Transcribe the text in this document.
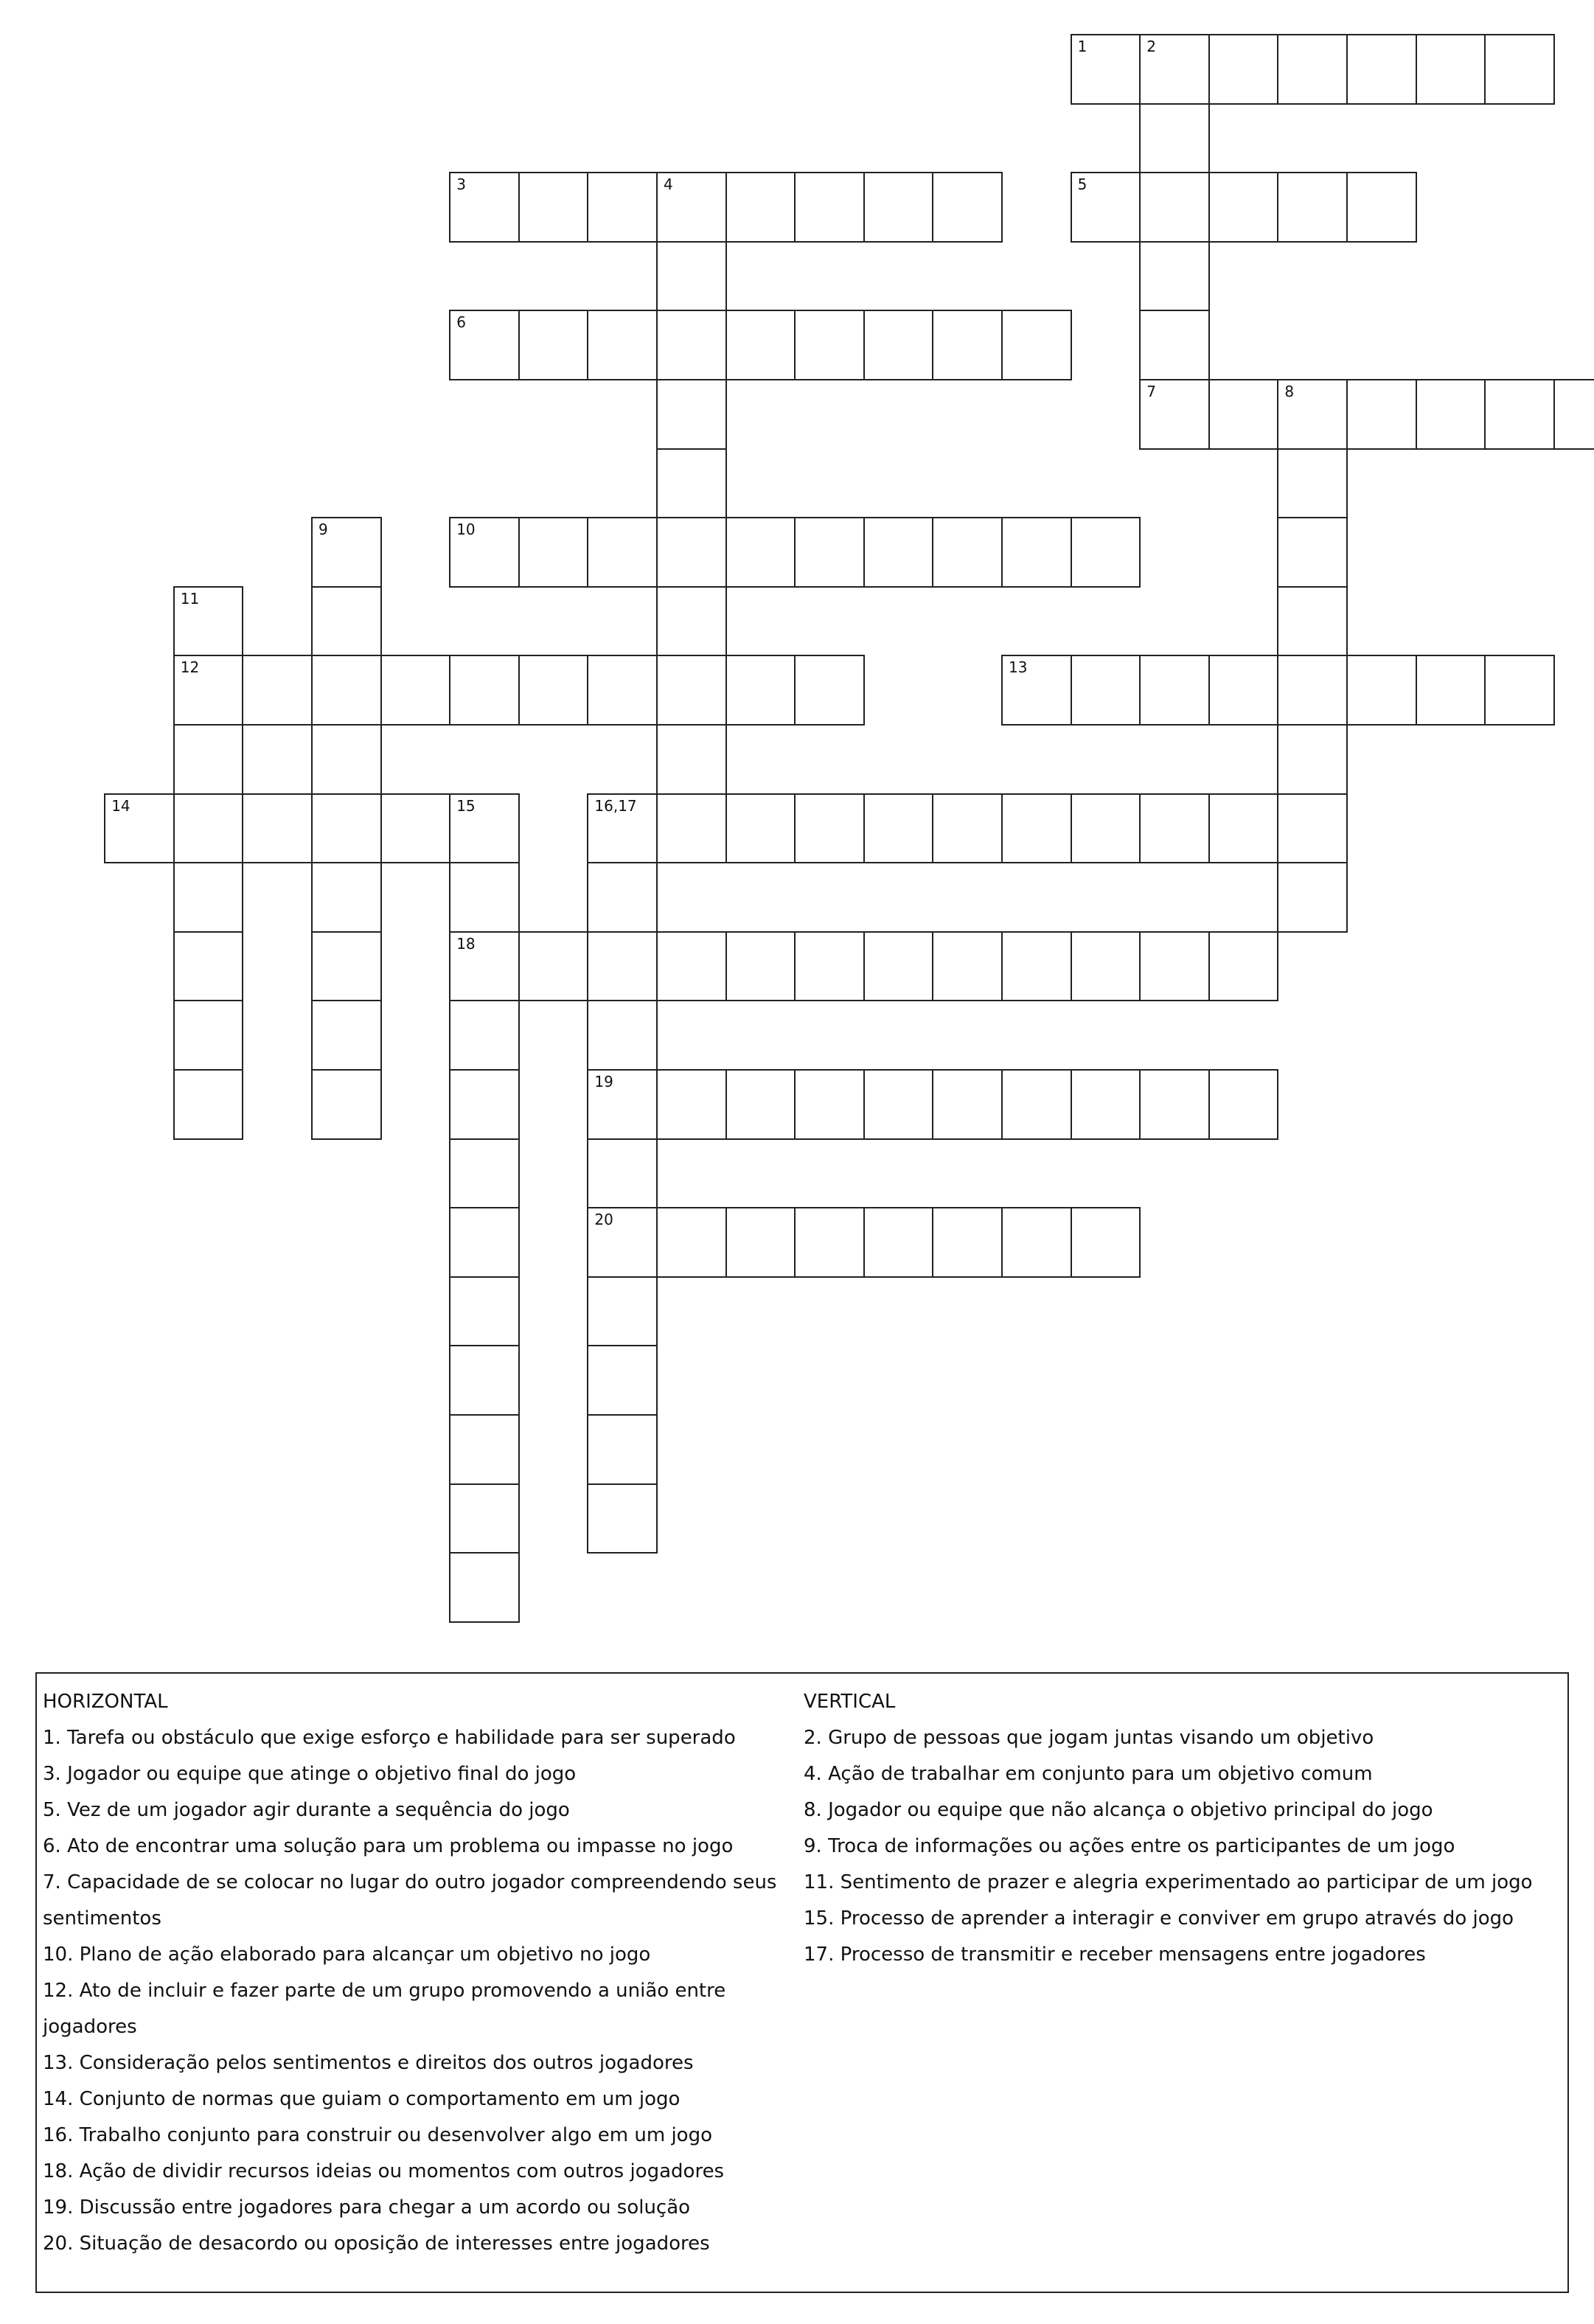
1	2
3	4	5
6
7	8
9	10
11
12	13
14	15	16,17
18
19
20

HORIZONTAL

1. Tarefa ou obstáculo que exige esforço e habilidade para ser superado

3. Jogador ou equipe que atinge o objetivo final do jogo

5. Vez de um jogador agir durante a sequência do jogo

6. Ato de encontrar uma solução para um problema ou impasse no jogo

7. Capacidade de se colocar no lugar do outro jogador compreendendo seus

sentimentos

10. Plano de ação elaborado para alcançar um objetivo no jogo

12. Ato de incluir e fazer parte de um grupo promovendo a união entre

jogadores

13. Consideração pelos sentimentos e direitos dos outros jogadores

14. Conjunto de normas que guiam o comportamento em um jogo

16. Trabalho conjunto para construir ou desenvolver algo em um jogo

18. Ação de dividir recursos ideias ou momentos com outros jogadores

19. Discussão entre jogadores para chegar a um acordo ou solução

20. Situação de desacordo ou oposição de interesses entre jogadores

VERTICAL

2. Grupo de pessoas que jogam juntas visando um objetivo

4. Ação de trabalhar em conjunto para um objetivo comum

8. Jogador ou equipe que não alcança o objetivo principal do jogo

9. Troca de informações ou ações entre os participantes de um jogo

11. Sentimento de prazer e alegria experimentado ao participar de um jogo

15. Processo de aprender a interagir e conviver em grupo através do jogo

17. Processo de transmitir e receber mensagens entre jogadores
